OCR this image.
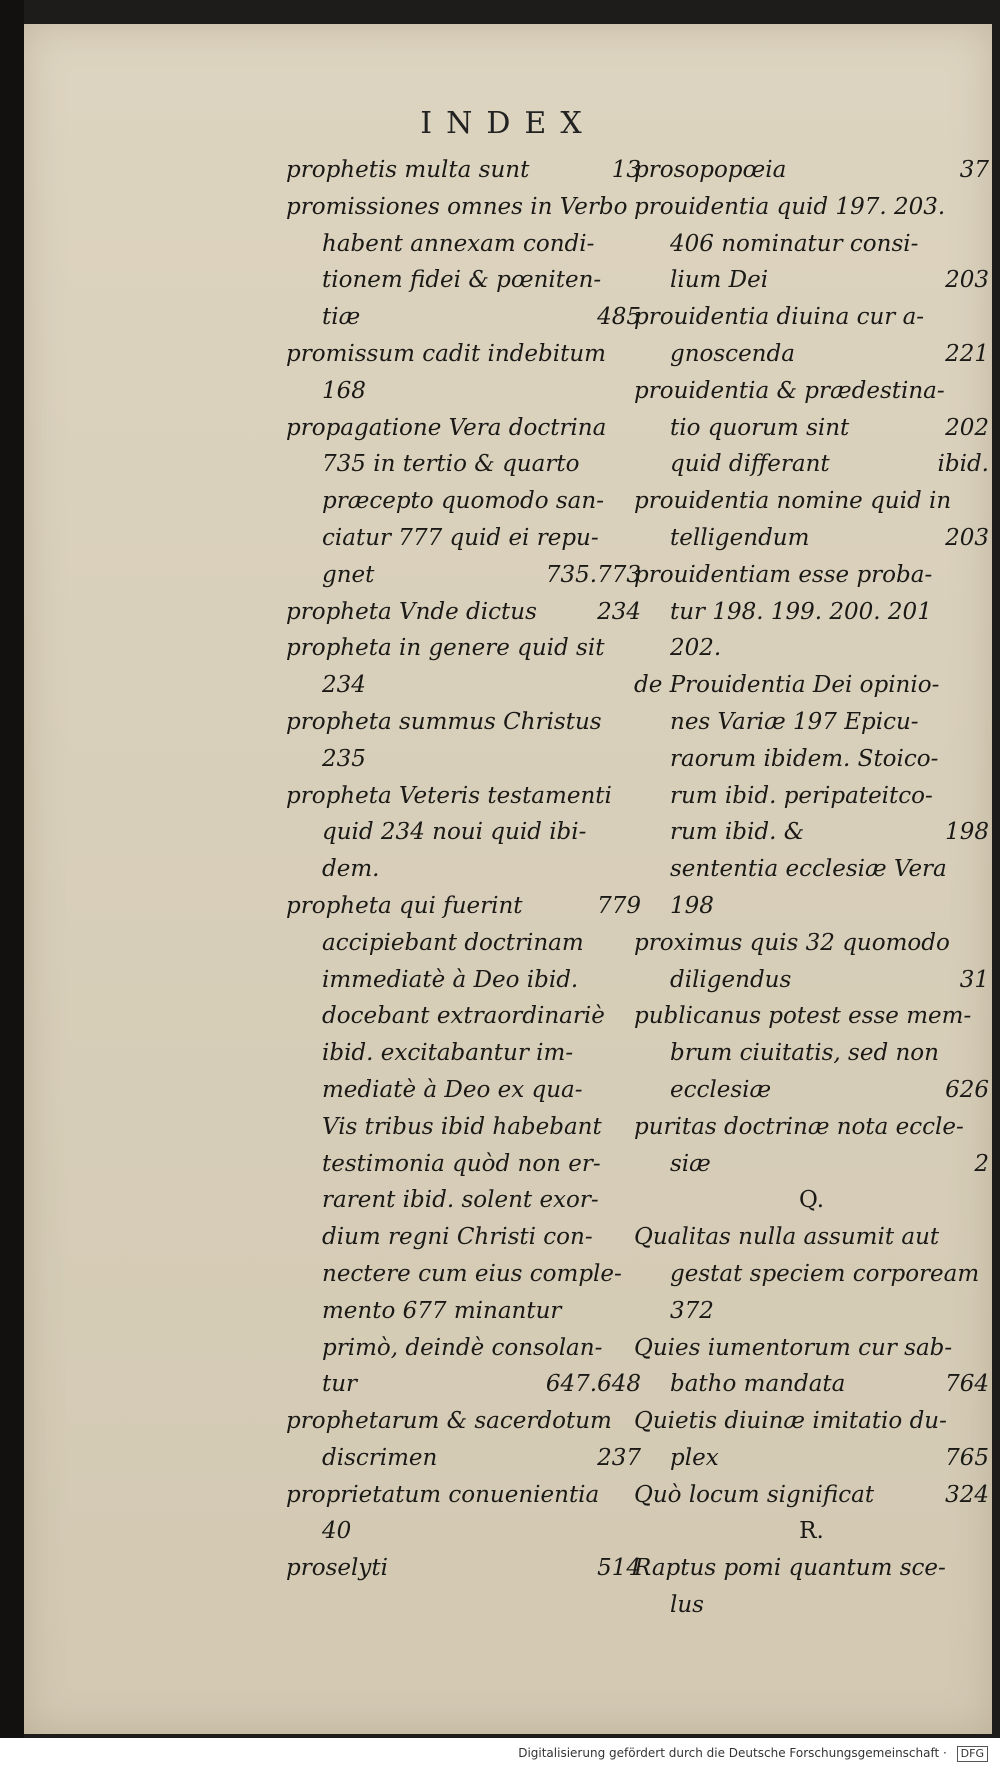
INDEX
prophetis multa sunt	13
promissiones omnes in Verbo
habent annexam condi-
tionem fidei & pœniten-
tiæ	485
promissum cadit indebitum
168
propagatione Vera doctrina
735 in tertio & quarto
præcepto quomodo san-
ciatur 777 quid ei repu-
gnet	735.773
propheta Vnde dictus	234
propheta in genere quid sit
234
propheta summus Christus
235
propheta Veteris testamenti
quid 234 noui quid ibi-
dem.
propheta qui fuerint	779
accipiebant doctrinam
immediatè à Deo ibid.
docebant extraordinariè
ibid. excitabantur im-
mediatè à Deo ex qua-
Vis tribus ibid habebant
testimonia quòd non er-
rarent ibid. solent exor-
dium regni Christi con-
nectere cum eius comple-
mento 677 minantur
primò, deindè consolan-
tur	647.648
prophetarum & sacerdotum
discrimen	237
proprietatum conuenientia
40
proselyti	514
prosopopœia	37
prouidentia quid 197. 203.
406 nominatur consi-
lium Dei	203
prouidentia diuina cur a-
gnoscenda	221
prouidentia & prædestina-
tio quorum sint	202
quid differant	ibid.
prouidentia nomine quid in
telligendum	203
prouidentiam esse proba-
tur 198. 199. 200. 201
202.
de Prouidentia Dei opinio-
nes Variæ 197 Epicu-
raorum ibidem. Stoico-
rum ibid. peripateitco-
rum ibid. &	198
sententia ecclesiæ Vera
198
proximus quis 32 quomodo
diligendus	31
publicanus potest esse mem-
brum ciuitatis, sed non
ecclesiæ	626
puritas doctrinæ nota eccle-
siæ	2
Q.
Qualitas nulla assumit aut
gestat speciem corpoream
372
Quies iumentorum cur sab-
batho mandata	764
Quietis diuinæ imitatio du-
plex	765
Quò locum significat	324
R.
Raptus pomi quantum sce-
lus
Digitalisierung gefördert durch die Deutsche Forschungsgemeinschaft · DFG
